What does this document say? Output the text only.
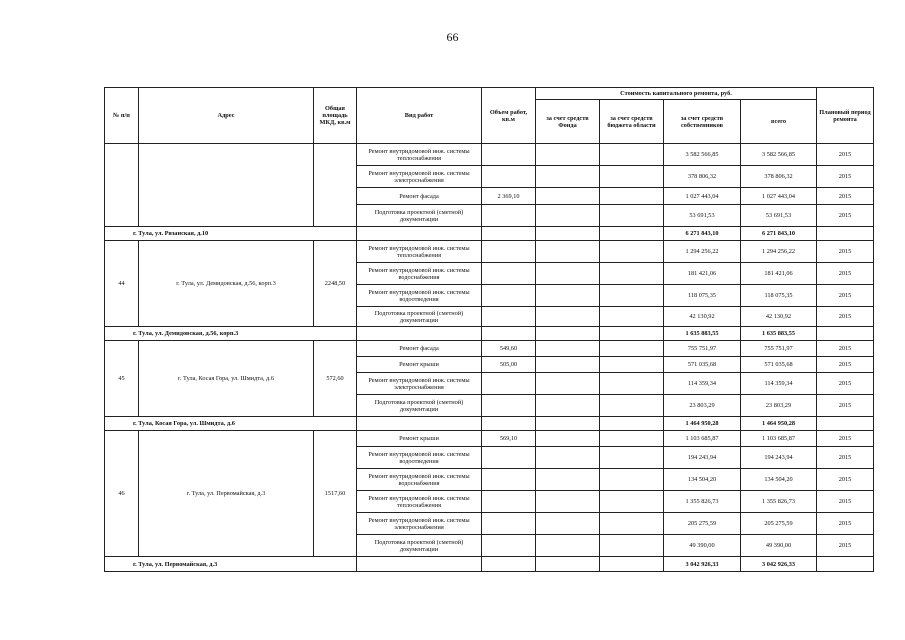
66
№ п/п	Адрес	Общая площадь МКД, кв.м	Вид работ	Объем работ, кв.м	Стоимость капитального ремонта, руб.				Плановый период ремонта
					за счет средств Фонда	за счет средств бюджета области	за счет средств собственников	всего	
			Ремонт внутридомовой инж. системы теплоснабжения				3 582 566,85	3 582 566,85	2015
			Ремонт внутридомовой инж. системы электроснабжения				378 806,32	378 806,32	2015
			Ремонт фасада	2 369,10			1 027 443,04	1 027 443,04	2015
			Подготовка проектной (сметной) документации				53 691,53	53 691,53	2015
г. Тула, ул. Рязанская, д.10							6 271 843,10	6 271 843,10	
44	г. Тула, ул. Демидовская, д.56, корп.3	2248,50	Ремонт внутридомовой инж. системы теплоснабжения				1 294 256,22	1 294 256,22	2015
			Ремонт внутридомовой инж. системы водоснабжения				181 421,06	181 421,06	2015
			Ремонт внутридомовой инж. системы водоотведения				118 075,35	118 075,35	2015
			Подготовка проектной (сметной) документации				42 130,92	42 130,92	2015
г. Тула, ул. Демидовская, д.56, корп.3							1 635 883,55	1 635 883,55	
45	г. Тула, Косая Гора, ул. Шмидта, д.6	572,60	Ремонт фасада	549,60			755 751,97	755 751,97	2015
			Ремонт крыши	505,00			571 035,68	571 035,68	2015
			Ремонт внутридомовой инж. системы электроснабжения				114 359,34	114 359,34	2015
			Подготовка проектной (сметной) документации				23 803,29	23 803,29	2015
г. Тула, Косая Гора, ул. Шмидта, д.6							1 464 950,28	1 464 950,28	
46	г. Тула, ул. Первомайская, д.3	1517,60	Ремонт крыши	569,10			1 103 685,87	1 103 685,87	2015
			Ремонт внутридомовой инж. системы водоотведения				194 243,94	194 243,94	2015
			Ремонт внутридомовой инж. системы водоснабжения				134 504,20	134 504,20	2015
			Ремонт внутридомовой инж. системы теплоснабжения				1 355 826,73	1 355 826,73	2015
			Ремонт внутридомовой инж. системы электроснабжения				205 275,59	205 275,59	2015
			Подготовка проектной (сметной) документации				49 390,00	49 390,00	2015
г. Тула, ул. Первомайская, д.3							3 042 926,33	3 042 926,33	
